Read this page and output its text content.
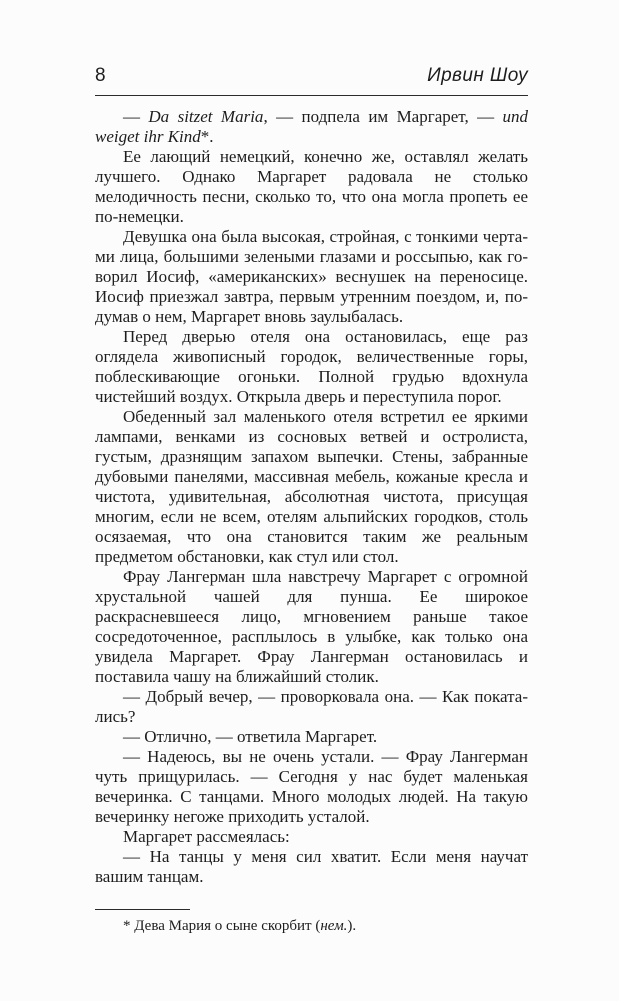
8	Ирвин Шоу

— Da sitzet Maria, — подпела им Маргарет, — und weiget ihr Kind*.

Ее лающий немецкий, конечно же, оставлял желать лучшего. Однако Маргарет радовала не столько мелодичность песни, сколько то, что она могла пропеть ее по-немецки.

Девушка она была высокая, стройная, с тонкими чертами лица, большими зелеными глазами и россыпью, как говорил Иосиф, «американских» веснушек на переносице. Иосиф приезжал завтра, первым утренним поездом, и, подумав о нем, Маргарет вновь заулыбалась.

Перед дверью отеля она остановилась, еще раз оглядела живописный городок, величественные горы, поблескивающие огоньки. Полной грудью вдохнула чистейший воздух. Открыла дверь и переступила порог.

Обеденный зал маленького отеля встретил ее яркими лампами, венками из сосновых ветвей и остролиста, густым, дразнящим запахом выпечки. Стены, забранные дубовыми панелями, массивная мебель, кожаные кресла и чистота, удивительная, абсолютная чистота, присущая многим, если не всем, отелям альпийских городков, столь осязаемая, что она становится таким же реальным предметом обстановки, как стул или стол.

Фрау Лангерман шла навстречу Маргарет с огромной хрустальной чашей для пунша. Ее широкое раскрасневшееся лицо, мгновением раньше такое сосредоточенное, расплылось в улыбке, как только она увидела Маргарет. Фрау Лангерман остановилась и поставила чашу на ближайший столик.

— Добрый вечер, — проворковала она. — Как покатались?

— Отлично, — ответила Маргарет.

— Надеюсь, вы не очень устали. — Фрау Лангерман чуть прищурилась. — Сегодня у нас будет маленькая вечеринка. С танцами. Много молодых людей. На такую вечеринку негоже приходить усталой.

Маргарет рассмеялась:

— На танцы у меня сил хватит. Если меня научат вашим танцам.

* Дева Мария о сыне скорбит (нем.).
